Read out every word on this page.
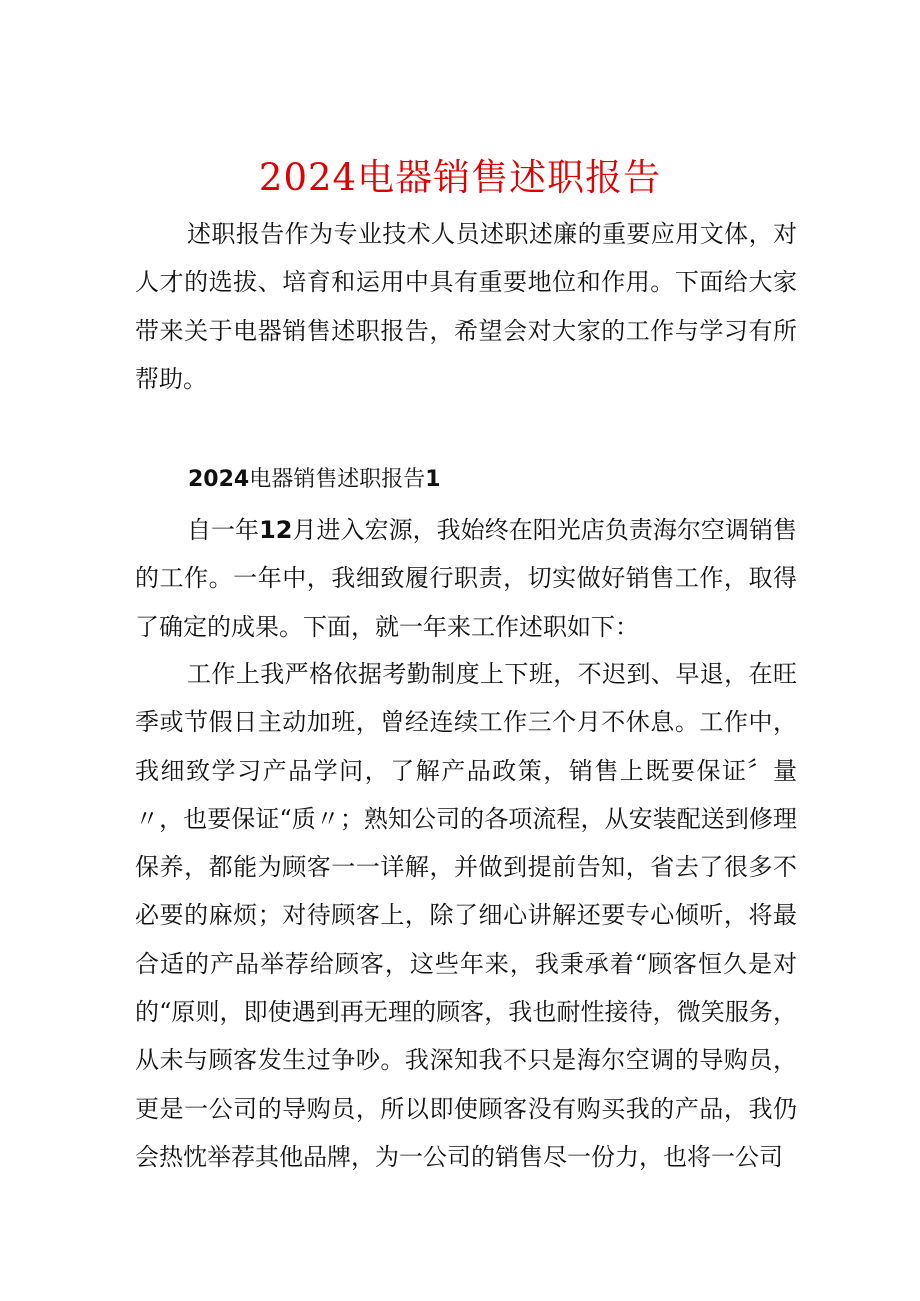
2024电器销售述职报告

述职报告作为专业技术人员述职述廉的重要应用文体，对人才的选拔、培育和运用中具有重要地位和作用。下面给大家带来关于电器销售述职报告，希望会对大家的工作与学习有所帮助。

2024电器销售述职报告1

自一年12月进入宏源，我始终在阳光店负责海尔空调销售的工作。一年中，我细致履行职责，切实做好销售工作，取得了确定的成果。下面，就一年来工作述职如下：

工作上我严格依据考勤制度上下班，不迟到、早退，在旺季或节假日主动加班，曾经连续工作三个月不休息。工作中，我细致学习产品学问，了解产品政策，销售上既要保证〞量〃，也要保证“质〃；熟知公司的各项流程，从安装配送到修理保养，都能为顾客一一详解，并做到提前告知，省去了很多不必要的麻烦；对待顾客上，除了细心讲解还要专心倾听，将最合适的产品举荐给顾客，这些年来，我秉承着“顾客恒久是对的“原则，即使遇到再无理的顾客，我也耐性接待，微笑服务，从未与顾客发生过争吵。我深知我不只是海尔空调的导购员，更是一公司的导购员，所以即使顾客没有购买我的产品，我仍会热忱举荐其他品牌，为一公司的销售尽一份力，也将一公司
